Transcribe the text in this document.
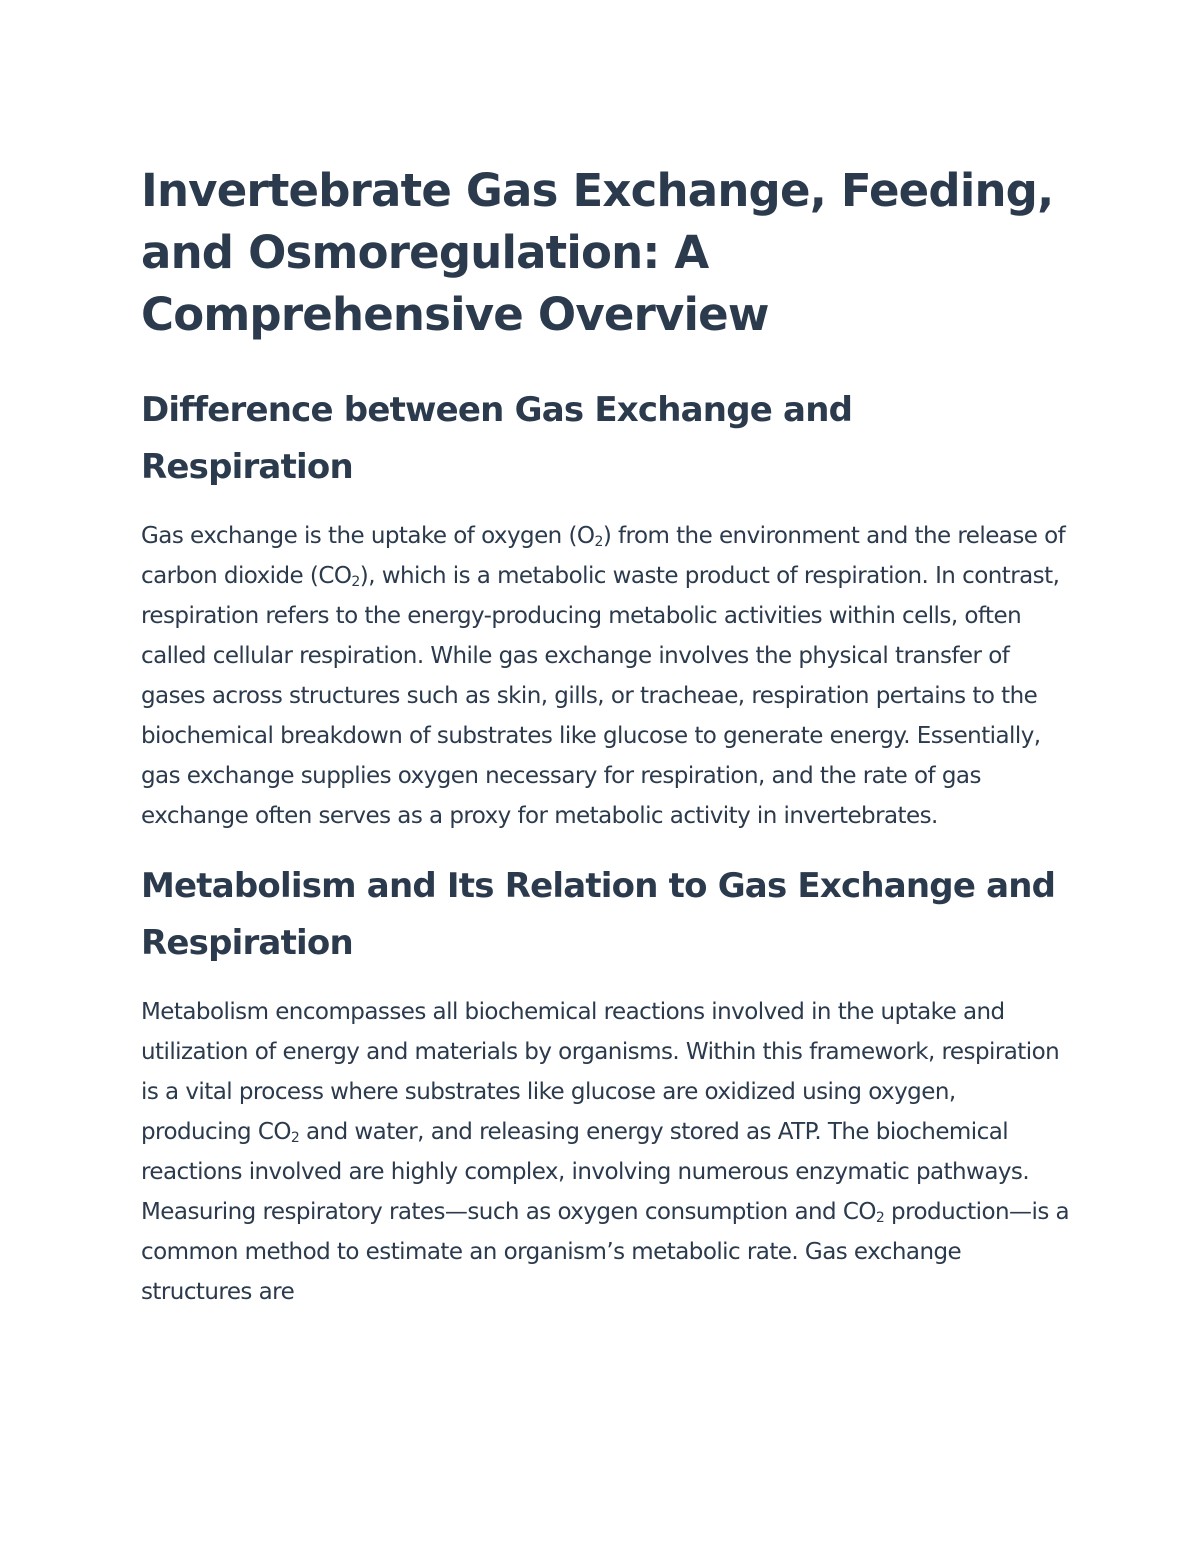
Invertebrate Gas Exchange, Feeding, and Osmoregulation: A Comprehensive Overview
Difference between Gas Exchange and Respiration

Gas exchange is the uptake of oxygen $(O_2)$ from the environment and the release of carbon dioxide $(CO_2)$, which is a metabolic waste product of respiration. In contrast, respiration refers to the energy-producing metabolic activities within cells, often called cellular respiration. While gas exchange involves the physical transfer of gases across structures such as skin, gills, or tracheae, respiration pertains to the biochemical breakdown of substrates like glucose to generate energy. Essentially, gas exchange supplies oxygen necessary for respiration, and the rate of gas exchange often serves as a proxy for metabolic activity in invertebrates.

Metabolism and Its Relation to Gas Exchange and Respiration

Metabolism encompasses all biochemical reactions involved in the uptake and utilization of energy and materials by organisms. Within this framework, respiration is a vital process where substrates like glucose are oxidized using oxygen, producing $CO_2$ and water, and releasing energy stored as ATP. The biochemical reactions involved are highly complex, involving numerous enzymatic pathways. Measuring respiratory rates—such as oxygen consumption and $CO_2$ production—is a common method to estimate an organism’s metabolic rate. Gas exchange structures are
